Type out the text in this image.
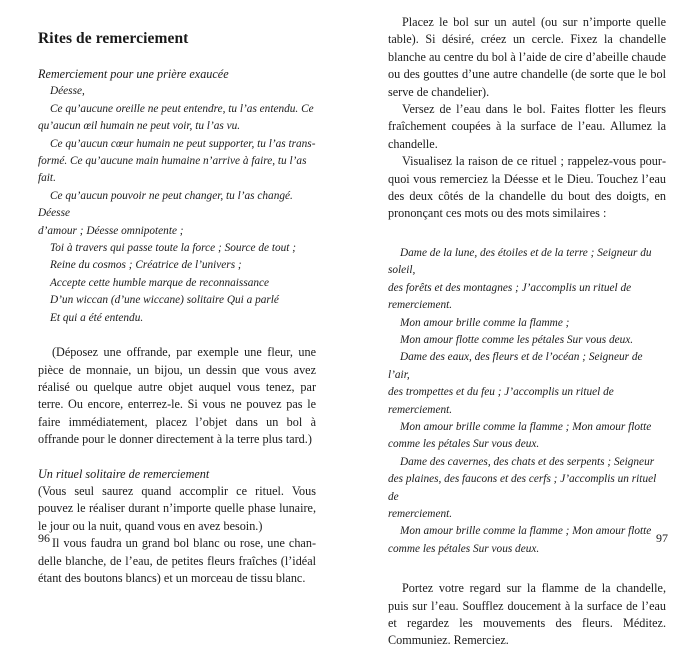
Rites de remerciement

Remerciement pour une prière exaucée

Déesse,

Ce qu’aucune oreille ne peut entendre, tu l’as entendu. Ce

qu’aucun œil humain ne peut voir, tu l’as vu.

Ce qu’aucun cœur humain ne peut supporter, tu l’as trans-

formé. Ce qu’aucune main humaine n’arrive à faire, tu l’as fait.

Ce qu’aucun pouvoir ne peut changer, tu l’as changé. Déesse

d’amour ; Déesse omnipotente ;

Toi à travers qui passe toute la force ; Source de tout ;

Reine du cosmos ; Créatrice de l’univers ;

Accepte cette humble marque de reconnaissance

D’un wiccan (d’une wiccane) solitaire Qui a parlé

Et qui a été entendu.

(Déposez une offrande, par exemple une fleur, une pièce de monnaie, un bijou, un dessin que vous avez réalisé ou quelque autre objet auquel vous tenez, par terre. Ou encore, enterrez-le. Si vous ne pouvez pas le faire immédiatement, placez l’objet dans un bol à offrande pour le donner directement à la terre plus tard.)

Un rituel solitaire de remerciement

(Vous seul saurez quand accomplir ce rituel. Vous pouvez le réaliser durant n’importe quelle phase lunaire, le jour ou la nuit, quand vous en avez besoin.)

Il vous faudra un grand bol blanc ou rose, une chandelle blanche, de l’eau, de petites fleurs fraîches (l’idéal étant des boutons blancs) et un morceau de tissu blanc.

96

Placez le bol sur un autel (ou sur n’importe quelle table). Si désiré, créez un cercle. Fixez la chandelle blanche au centre du bol à l’aide de cire d’abeille chaude ou des gouttes d’une autre chandelle (de sorte que le bol serve de chandelier).

Versez de l’eau dans le bol. Faites flotter les fleurs fraîchement coupées à la surface de l’eau. Allumez la chandelle.

Visualisez la raison de ce rituel ; rappelez-vous pourquoi vous remerciez la Déesse et le Dieu. Touchez l’eau des deux côtés de la chandelle du bout des doigts, en prononçant ces mots ou des mots similaires :

Dame de la lune, des étoiles et de la terre ; Seigneur du soleil,

des forêts et des montagnes ; J’accomplis un rituel de remerciement.

Mon amour brille comme la flamme ;

Mon amour flotte comme les pétales Sur vous deux.

Dame des eaux, des fleurs et de l’océan ; Seigneur de l’air,

des trompettes et du feu ; J’accomplis un rituel de remerciement.

Mon amour brille comme la flamme ; Mon amour flotte

comme les pétales Sur vous deux.

Dame des cavernes, des chats et des serpents ; Seigneur

des plaines, des faucons et des cerfs ; J’accomplis un rituel de

remerciement.

Mon amour brille comme la flamme ; Mon amour flotte

comme les pétales Sur vous deux.

Portez votre regard sur la flamme de la chandelle, puis sur l’eau. Soufflez doucement à la surface de l’eau et regardez les mouvements des fleurs. Méditez. Communiez. Remerciez.

97
